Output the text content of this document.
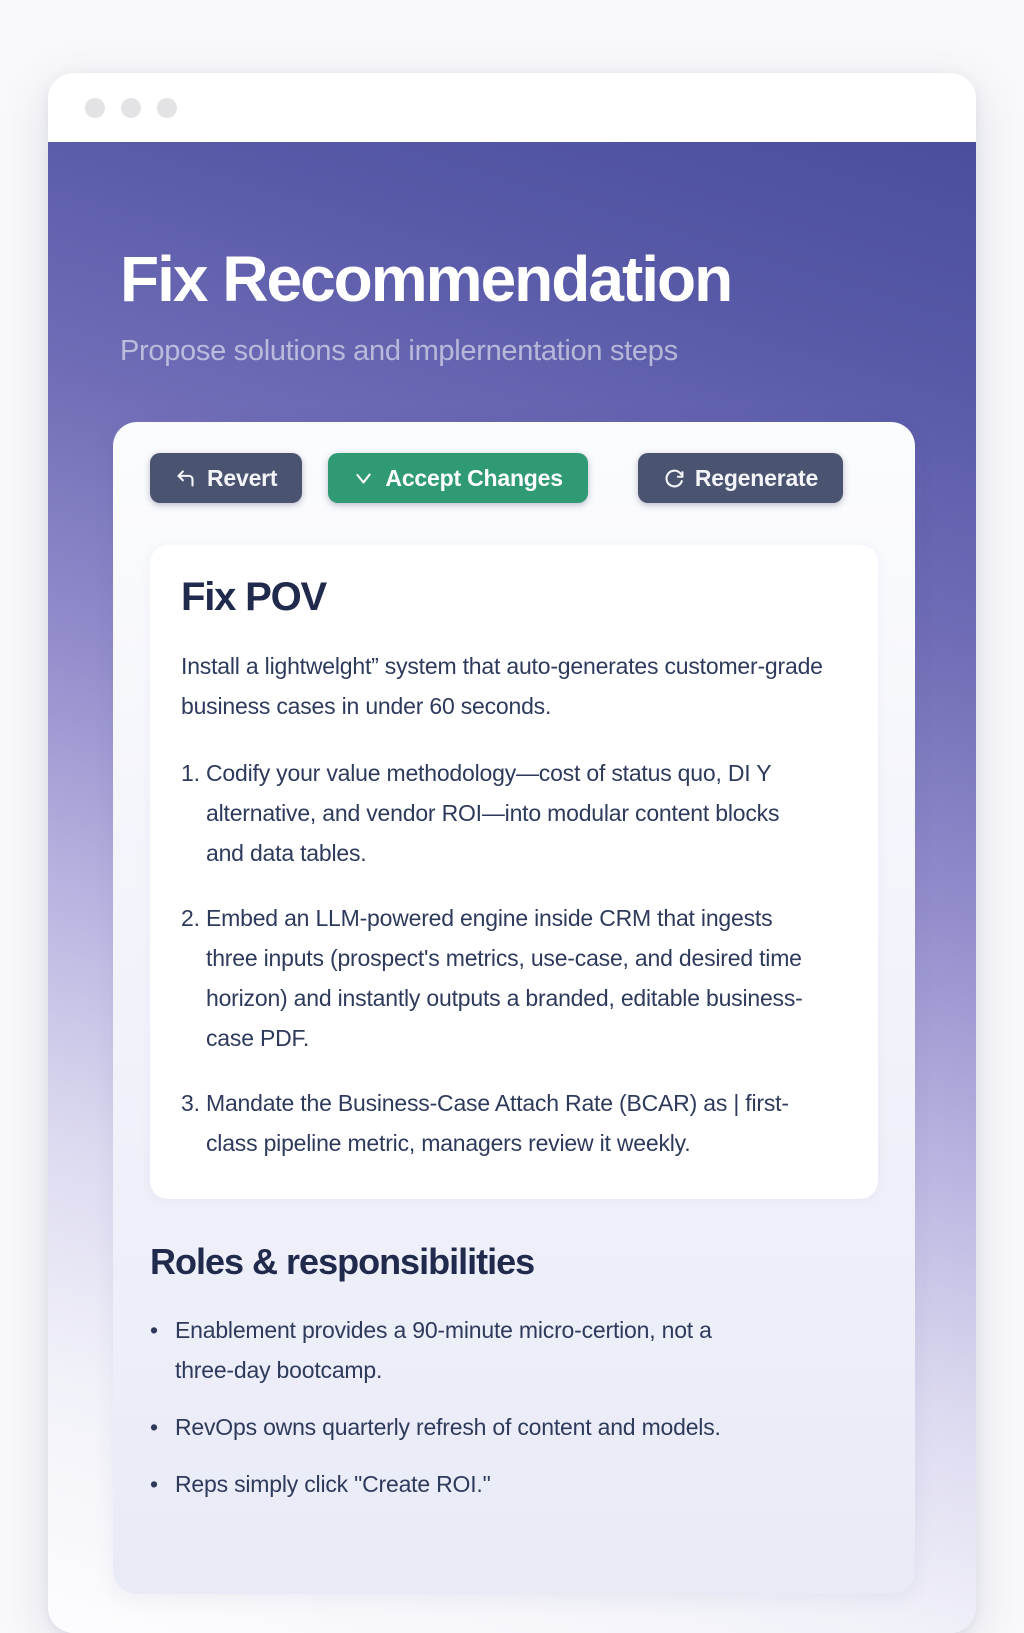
Fix Recommendation
Propose solutions and implernentation steps
Revert	Accept Changes	Regenerate
Fix POV

Install a lightwelght” system that auto-generates customer-grade business cases in under 60 seconds.

1. Codify your value methodology—cost of status quo, DI Y alternative, and vendor ROI—into modular content blocks and data tables.
2. Embed an LLM-powered engine inside CRM that ingests three inputs (prospect's metrics, use-case, and desired time horizon) and instantly outputs a branded, editable business-case PDF.
3. Mandate the Business-Case Attach Rate (BCAR) as | first-class pipeline metric, managers review it weekly.
Roles & responsibilities
• Enablement provides a 90-minute micro-certion, not a three-day bootcamp.
• RevOps owns quarterly refresh of content and models.
• Reps simply click "Create ROI."
